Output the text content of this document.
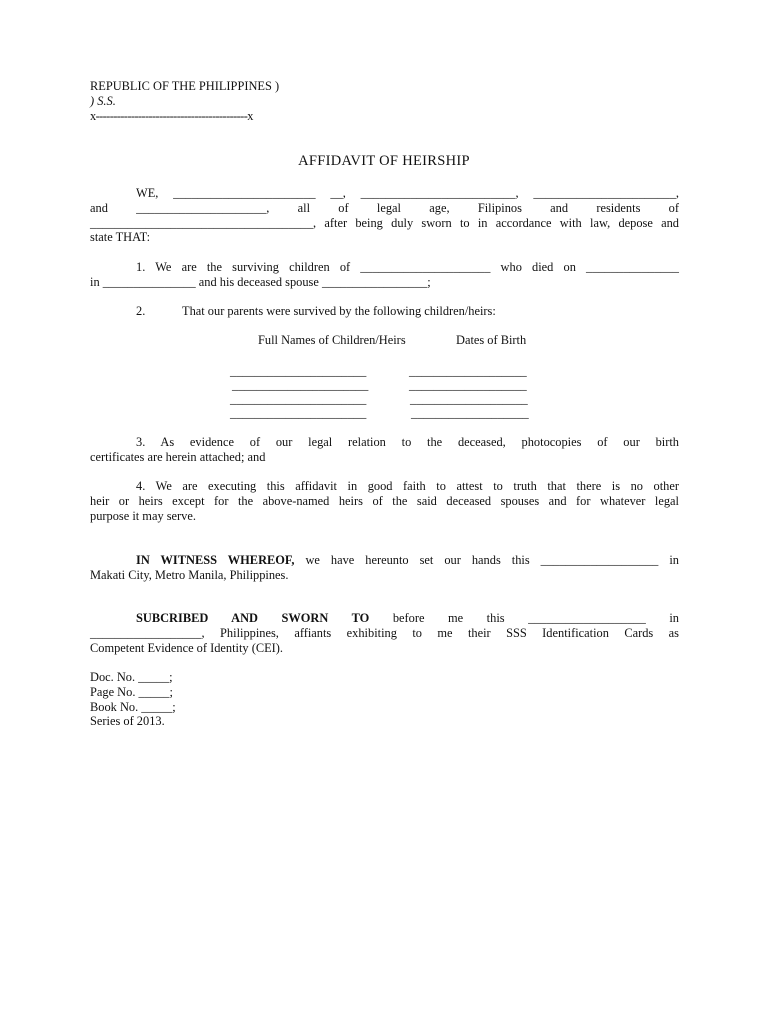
REPUBLIC OF THE PHILIPPINES )
) S.S.
x-------------------------------------------x
AFFIDAVIT OF HEIRSHIP
WE, _______________________ __, _________________________, _______________________,
and _____________________, all of legal age, Filipinos and residents of
____________________________________, after being duly sworn to in accordance with law, depose and
state THAT:
1. We are the surviving children of _____________________ who died on _______________
in _______________ and his deceased spouse _________________;
2.	That our parents were survived by the following children/heirs:
Full Names of Children/Heirs	Dates of Birth
______________________	___________________
______________________	___________________
______________________	___________________
______________________	___________________
3. As evidence of our legal relation to the deceased, photocopies of our birth
certificates are herein attached; and
4. We are executing this affidavit in good faith to attest to truth that there is no other
heir or heirs except for the above-named heirs of the said deceased spouses and for whatever legal
purpose it may serve.
IN WITNESS WHEREOF, we have hereunto set our hands this ___________________ in
Makati City, Metro Manila, Philippines.
SUBCRIBED AND SWORN TO before me this ___________________ in
__________________, Philippines, affiants exhibiting to me their SSS Identification Cards as
Competent Evidence of Identity (CEI).
Doc. No. _____;
Page No. _____;
Book No. _____;
Series of 2013.
